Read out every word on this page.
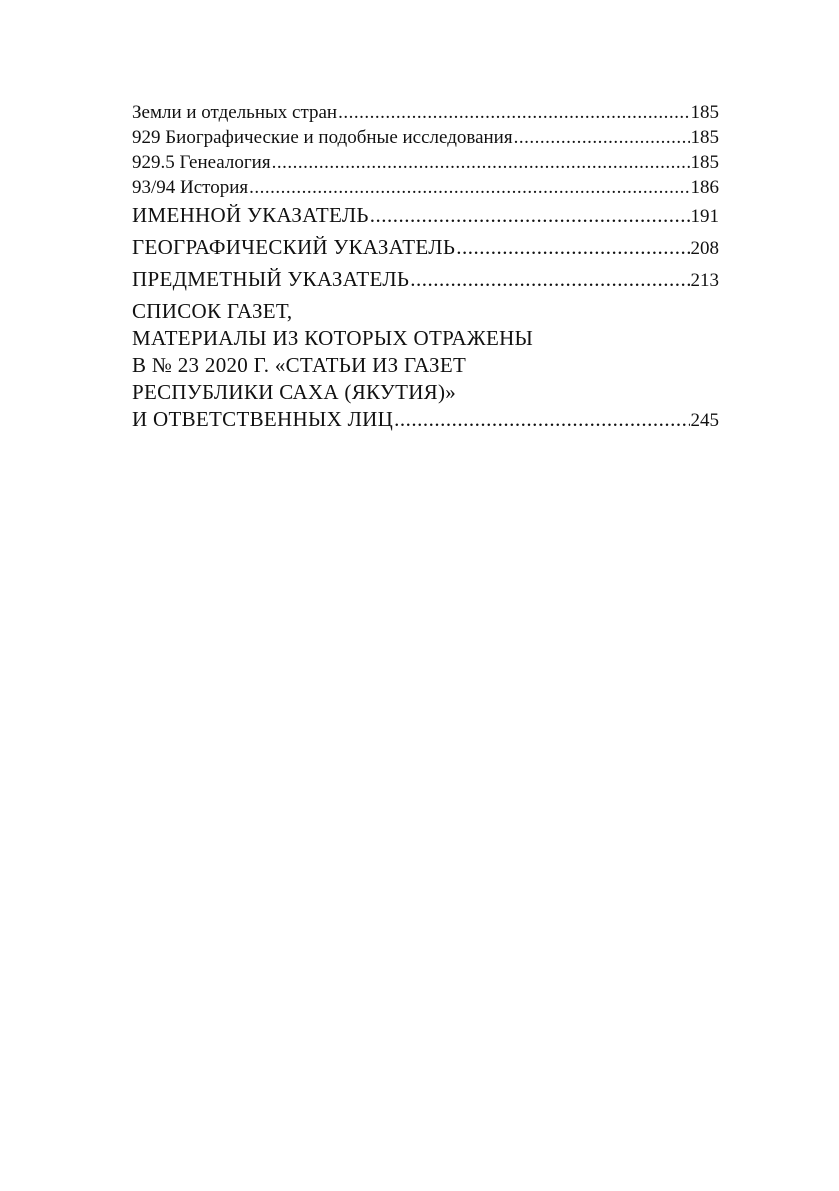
Земли и отдельных стран .....	185
929 Биографические и подобные исследования .....	185
929.5 Генеалогия .....	185
93/94 История .....	186
ИМЕННОЙ УКАЗАТЕЛЬ .....	191
ГЕОГРАФИЧЕСКИЙ УКАЗАТЕЛЬ .....	208
ПРЕДМЕТНЫЙ УКАЗАТЕЛЬ .....	213
СПИСОК ГАЗЕТ,
МАТЕРИАЛЫ ИЗ КОТОРЫХ ОТРАЖЕНЫ
В № 23 2020 Г. «СТАТЬИ ИЗ ГАЗЕТ
РЕСПУБЛИКИ САХА (ЯКУТИЯ)»
И ОТВЕТСТВЕННЫХ ЛИЦ .....	245
